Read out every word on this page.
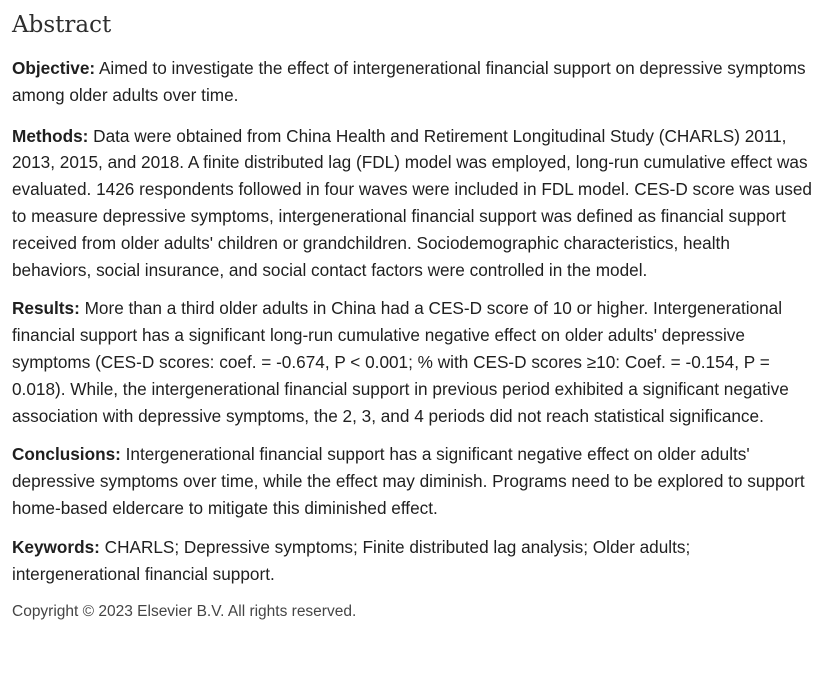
Abstract

Objective: Aimed to investigate the effect of intergenerational financial support on depressive symptoms among older adults over time.

Methods: Data were obtained from China Health and Retirement Longitudinal Study (CHARLS) 2011, 2013, 2015, and 2018. A finite distributed lag (FDL) model was employed, long-run cumulative effect was evaluated. 1426 respondents followed in four waves were included in FDL model. CES-D score was used to measure depressive symptoms, intergenerational financial support was defined as financial support received from older adults' children or grandchildren. Sociodemographic characteristics, health behaviors, social insurance, and social contact factors were controlled in the model.

Results: More than a third older adults in China had a CES-D score of 10 or higher. Intergenerational financial support has a significant long-run cumulative negative effect on older adults' depressive symptoms (CES-D scores: coef. = -0.674, P < 0.001; % with CES-D scores ≥10: Coef. = -0.154, P = 0.018). While, the intergenerational financial support in previous period exhibited a significant negative association with depressive symptoms, the 2, 3, and 4 periods did not reach statistical significance.

Conclusions: Intergenerational financial support has a significant negative effect on older adults' depressive symptoms over time, while the effect may diminish. Programs need to be explored to support home-based eldercare to mitigate this diminished effect.

Keywords: CHARLS; Depressive symptoms; Finite distributed lag analysis; Older adults; intergenerational financial support.

Copyright © 2023 Elsevier B.V. All rights reserved.
